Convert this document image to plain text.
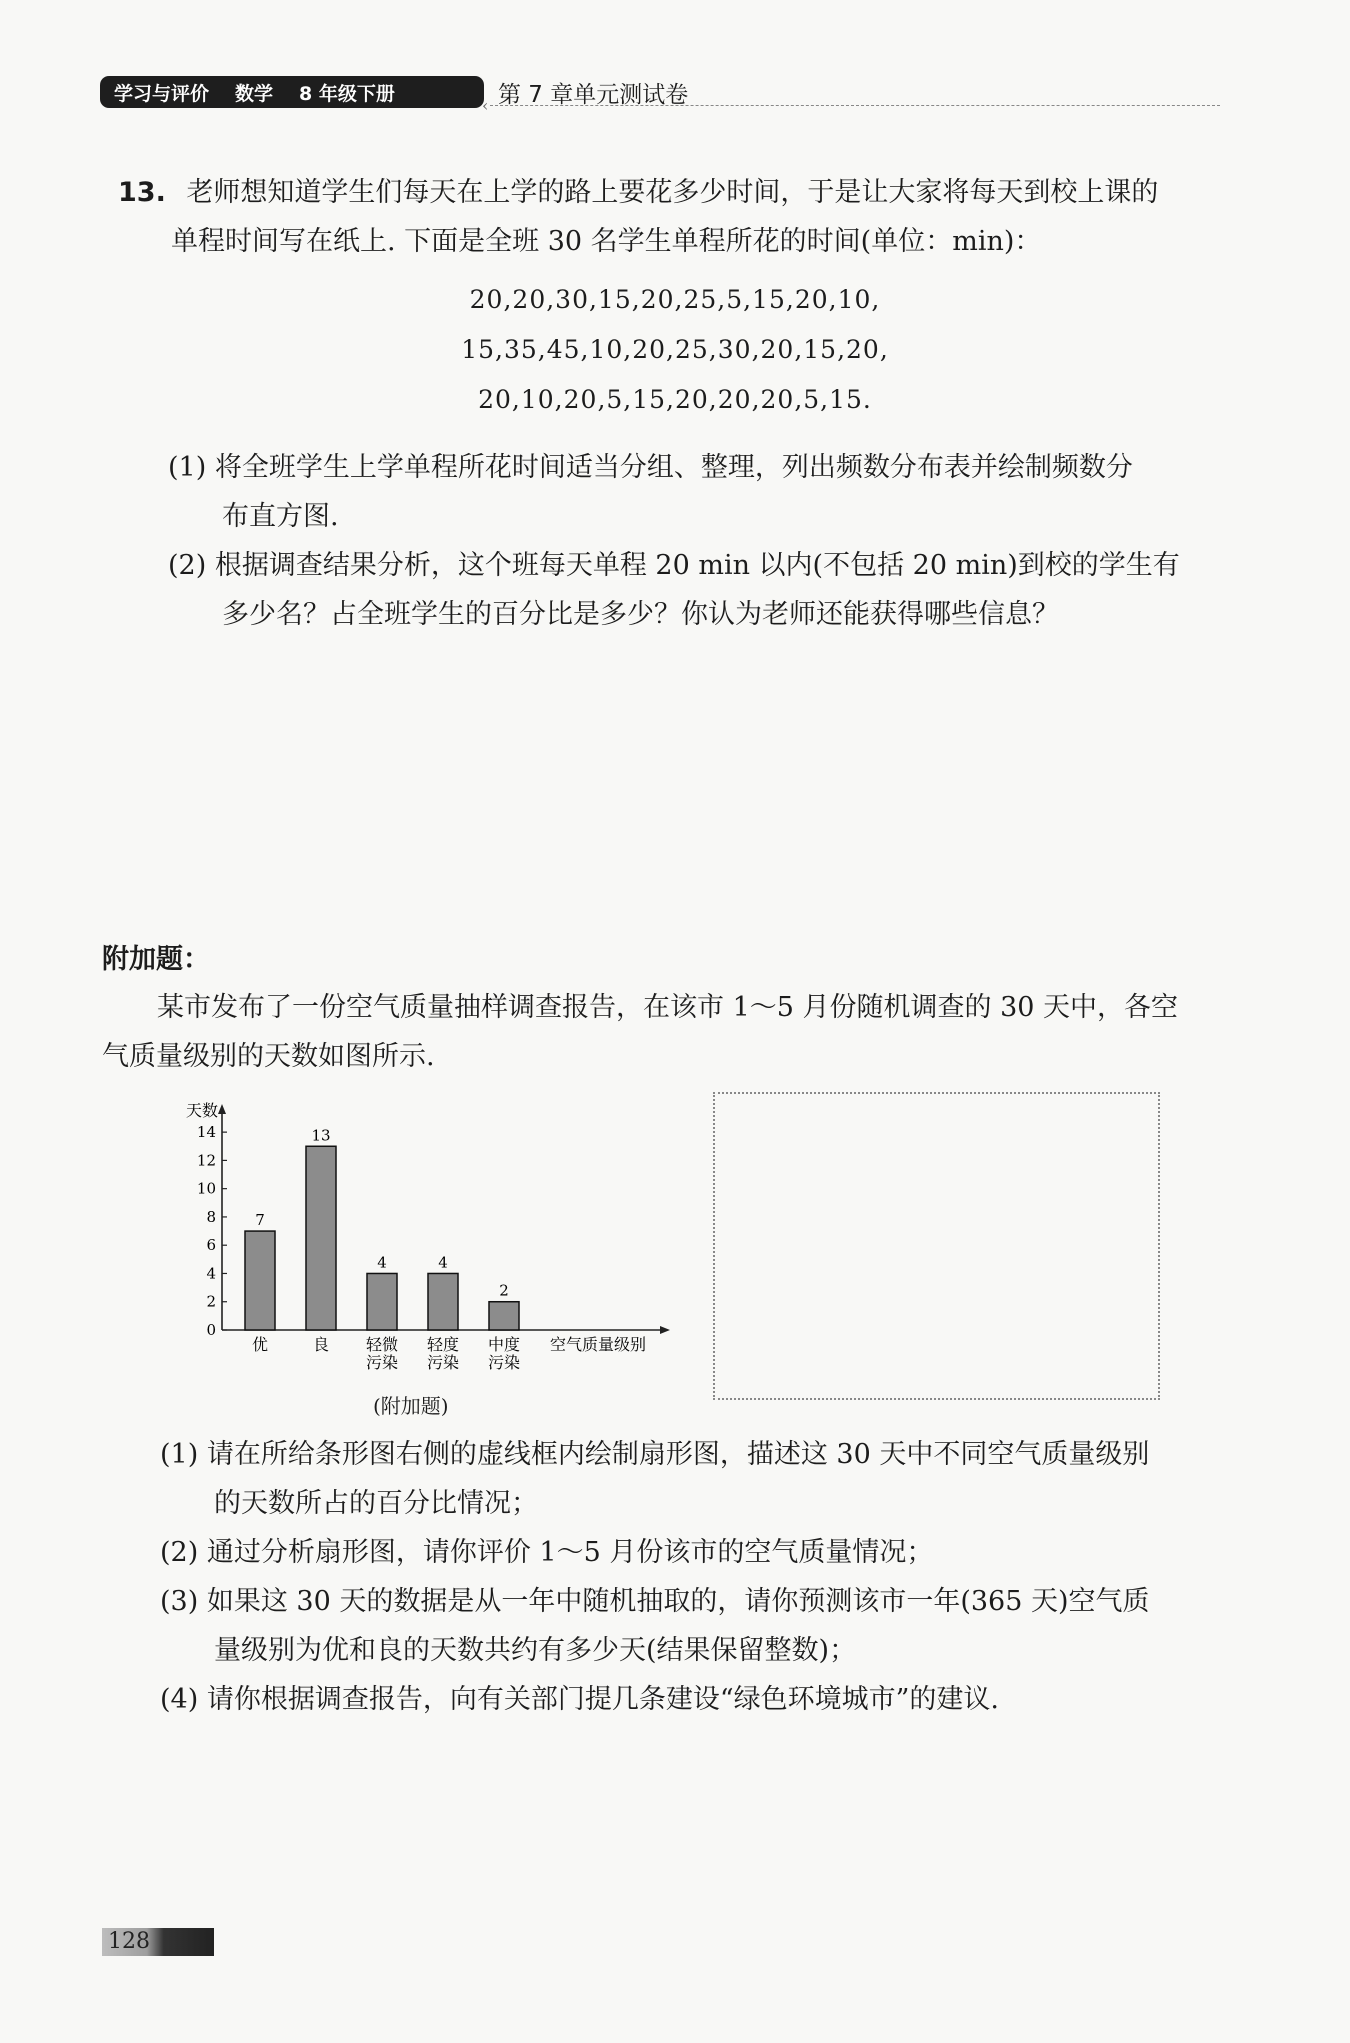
学习与评价 数学 8 年级下册	第 7 章单元测试卷
‹
13. 老师想知道学生们每天在上学的路上要花多少时间，于是让大家将每天到校上课的
单程时间写在纸上. 下面是全班 30 名学生单程所花的时间(单位：min)：
20,20,30,15,20,25,5,15,20,10,
15,35,45,10,20,25,30,20,15,20,
20,10,20,5,15,20,20,20,5,15.
(1) 将全班学生上学单程所花时间适当分组、整理，列出频数分布表并绘制频数分
布直方图.
(2) 根据调查结果分析，这个班每天单程 20 min 以内(不包括 20 min)到校的学生有
多少名？占全班学生的百分比是多少？你认为老师还能获得哪些信息？
附加题：
某市发布了一份空气质量抽样调查报告，在该市 1～5 月份随机调查的 30 天中，各空
气质量级别的天数如图所示.
天数
0
2
4
6
8
10
12
14
7
优
13
良
4
轻微
污染
4
轻度
污染
2
中度
污染
空气质量级别
(附加题)
(1) 请在所给条形图右侧的虚线框内绘制扇形图，描述这 30 天中不同空气质量级别
的天数所占的百分比情况；
(2) 通过分析扇形图，请你评价 1～5 月份该市的空气质量情况；
(3) 如果这 30 天的数据是从一年中随机抽取的，请你预测该市一年(365 天)空气质
量级别为优和良的天数共约有多少天(结果保留整数)；
(4) 请你根据调查报告，向有关部门提几条建设“绿色环境城市”的建议.
128
